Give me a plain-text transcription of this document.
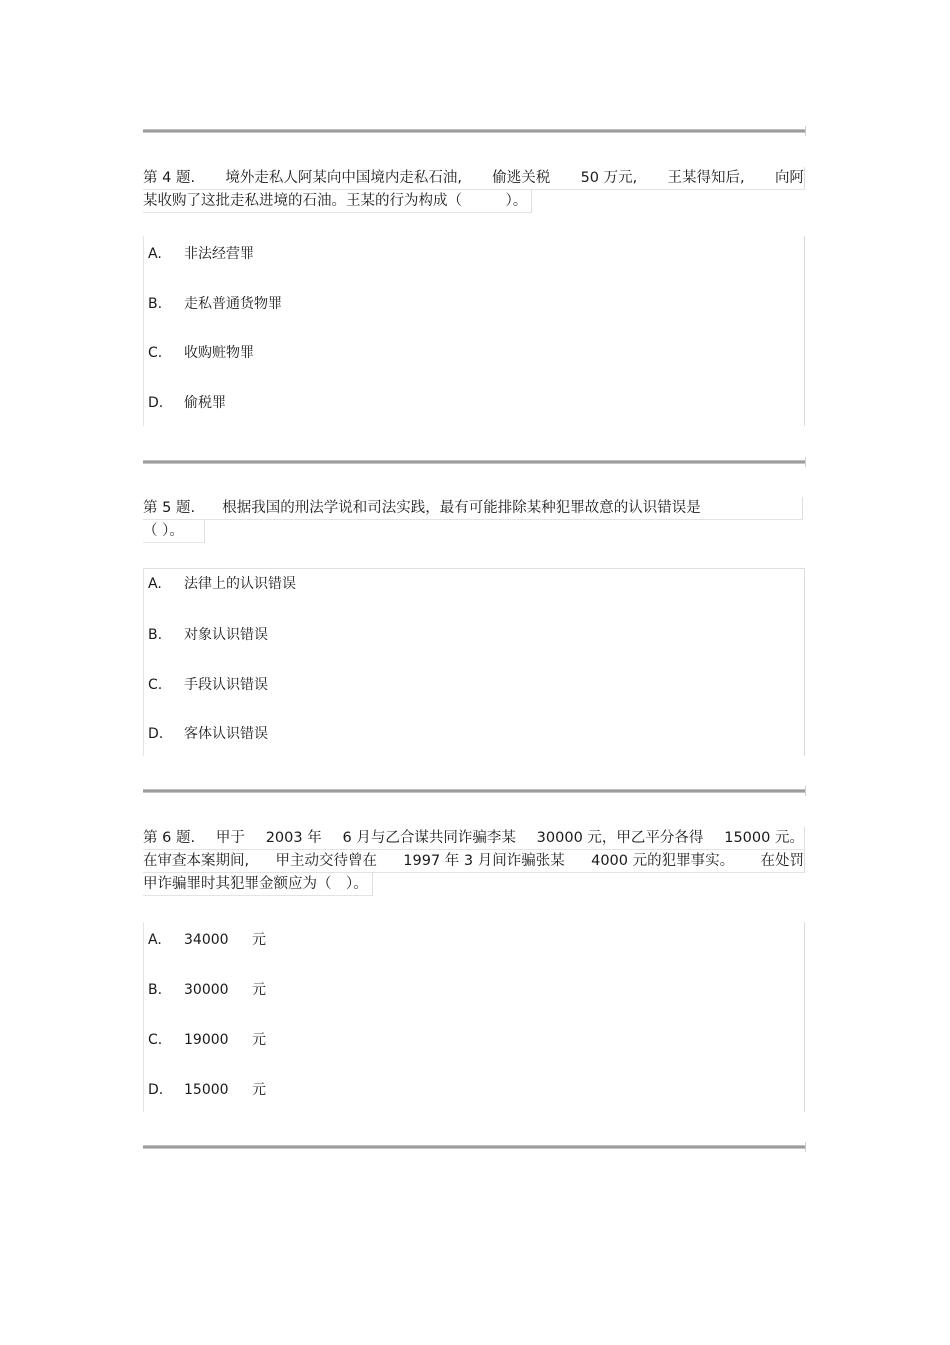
第 4 题. 境外走私人阿某向中国境内走私石油, 偷逃关税 50 万元, 王某得知后, 向阿
某收购了这批走私进境的石油。王某的行为构成（　　　）。
A. 非法经营罪
B. 走私普通货物罪
C. 收购赃物罪
D. 偷税罪
第 5 题. 根据我国的刑法学说和司法实践，最有可能排除某种犯罪故意的认识错误是
（ ）。
A. 法律上的认识错误
B. 对象认识错误
C. 手段认识错误
D. 客体认识错误
第 6 题. 甲于 2003 年 6 月与乙合谋共同诈骗李某 30000 元，甲乙平分各得 15000 元。
在审查本案期间, 甲主动交待曾在 1997 年 3 月间诈骗张某 4000 元的犯罪事实。 在处罚
甲诈骗罪时其犯罪金额应为（　）。
A. 34000 元
B. 30000 元
C. 19000 元
D. 15000 元
